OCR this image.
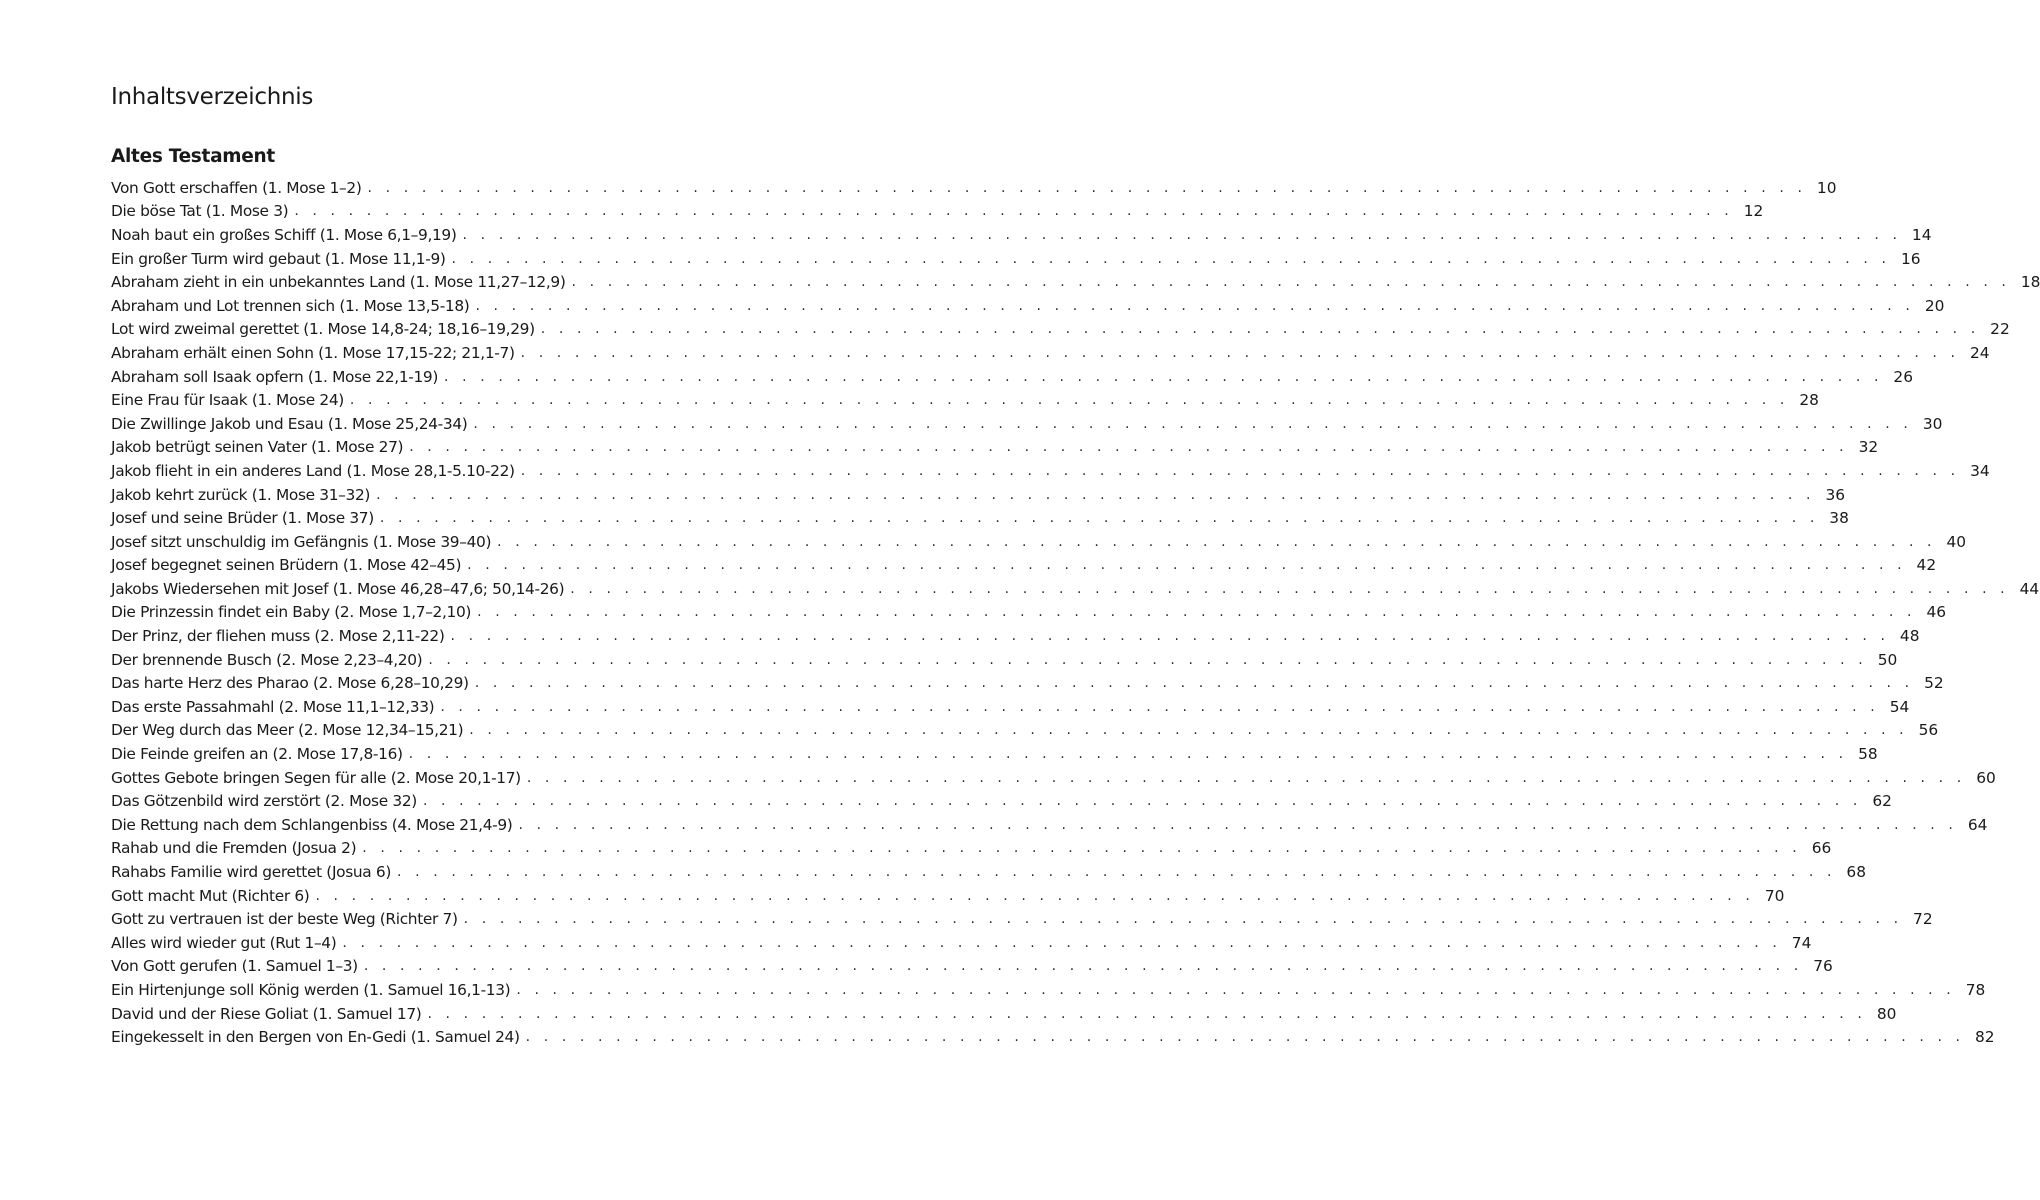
Inhaltsverzeichnis
Altes Testament
Von Gott erschaffen (1. Mose 1–2) . . . . . . . . . . . . . . . . . . . . . . . . . . . . . . . . . . . . . . . . . . . . . . . . . . . . . . . . . . . . . . . . . . . . . . . . . . . . . . . . 10
Die böse Tat (1. Mose 3) . . . . . . . . . . . . . . . . . . . . . . . . . . . . . . . . . . . . . . . . . . . . . . . . . . . . . . . . . . . . . . . . . . . . . . . . . . . . . . . . 12
Noah baut ein großes Schiff (1. Mose 6,1–9,19) . . . . . . . . . . . . . . . . . . . . . . . . . . . . . . . . . . . . . . . . . . . . . . . . . . . . . . . . . . . . . . . . . . . . . . . . . . . . . . . . 14
Ein großer Turm wird gebaut (1. Mose 11,1-9) . . . . . . . . . . . . . . . . . . . . . . . . . . . . . . . . . . . . . . . . . . . . . . . . . . . . . . . . . . . . . . . . . . . . . . . . . . . . . . . . 16
Abraham zieht in ein unbekanntes Land (1. Mose 11,27–12,9) . . . . . . . . . . . . . . . . . . . . . . . . . . . . . . . . . . . . . . . . . . . . . . . . . . . . . . . . . . . . . . . . . . . . . . . . . . . . . . . . 18
Abraham und Lot trennen sich (1. Mose 13,5-18) . . . . . . . . . . . . . . . . . . . . . . . . . . . . . . . . . . . . . . . . . . . . . . . . . . . . . . . . . . . . . . . . . . . . . . . . . . . . . . . . 20
Lot wird zweimal gerettet (1. Mose 14,8-24; 18,16–19,29) . . . . . . . . . . . . . . . . . . . . . . . . . . . . . . . . . . . . . . . . . . . . . . . . . . . . . . . . . . . . . . . . . . . . . . . . . . . . . . . . 22
Abraham erhält einen Sohn (1. Mose 17,15-22; 21,1-7) . . . . . . . . . . . . . . . . . . . . . . . . . . . . . . . . . . . . . . . . . . . . . . . . . . . . . . . . . . . . . . . . . . . . . . . . . . . . . . . . 24
Abraham soll Isaak opfern (1. Mose 22,1-19) . . . . . . . . . . . . . . . . . . . . . . . . . . . . . . . . . . . . . . . . . . . . . . . . . . . . . . . . . . . . . . . . . . . . . . . . . . . . . . . . 26
Eine Frau für Isaak (1. Mose 24) . . . . . . . . . . . . . . . . . . . . . . . . . . . . . . . . . . . . . . . . . . . . . . . . . . . . . . . . . . . . . . . . . . . . . . . . . . . . . . . . 28
Die Zwillinge Jakob und Esau (1. Mose 25,24-34) . . . . . . . . . . . . . . . . . . . . . . . . . . . . . . . . . . . . . . . . . . . . . . . . . . . . . . . . . . . . . . . . . . . . . . . . . . . . . . . . 30
Jakob betrügt seinen Vater (1. Mose 27) . . . . . . . . . . . . . . . . . . . . . . . . . . . . . . . . . . . . . . . . . . . . . . . . . . . . . . . . . . . . . . . . . . . . . . . . . . . . . . . . 32
Jakob flieht in ein anderes Land (1. Mose 28,1-5.10-22) . . . . . . . . . . . . . . . . . . . . . . . . . . . . . . . . . . . . . . . . . . . . . . . . . . . . . . . . . . . . . . . . . . . . . . . . . . . . . . . . 34
Jakob kehrt zurück (1. Mose 31–32) . . . . . . . . . . . . . . . . . . . . . . . . . . . . . . . . . . . . . . . . . . . . . . . . . . . . . . . . . . . . . . . . . . . . . . . . . . . . . . . . 36
Josef und seine Brüder (1. Mose 37) . . . . . . . . . . . . . . . . . . . . . . . . . . . . . . . . . . . . . . . . . . . . . . . . . . . . . . . . . . . . . . . . . . . . . . . . . . . . . . . . 38
Josef sitzt unschuldig im Gefängnis (1. Mose 39–40) . . . . . . . . . . . . . . . . . . . . . . . . . . . . . . . . . . . . . . . . . . . . . . . . . . . . . . . . . . . . . . . . . . . . . . . . . . . . . . . . 40
Josef begegnet seinen Brüdern (1. Mose 42–45) . . . . . . . . . . . . . . . . . . . . . . . . . . . . . . . . . . . . . . . . . . . . . . . . . . . . . . . . . . . . . . . . . . . . . . . . . . . . . . . . 42
Jakobs Wiedersehen mit Josef (1. Mose 46,28–47,6; 50,14-26) . . . . . . . . . . . . . . . . . . . . . . . . . . . . . . . . . . . . . . . . . . . . . . . . . . . . . . . . . . . . . . . . . . . . . . . . . . . . . . . . 44
Die Prinzessin findet ein Baby (2. Mose 1,7–2,10) . . . . . . . . . . . . . . . . . . . . . . . . . . . . . . . . . . . . . . . . . . . . . . . . . . . . . . . . . . . . . . . . . . . . . . . . . . . . . . . . 46
Der Prinz, der fliehen muss (2. Mose 2,11-22) . . . . . . . . . . . . . . . . . . . . . . . . . . . . . . . . . . . . . . . . . . . . . . . . . . . . . . . . . . . . . . . . . . . . . . . . . . . . . . . . 48
Der brennende Busch (2. Mose 2,23–4,20) . . . . . . . . . . . . . . . . . . . . . . . . . . . . . . . . . . . . . . . . . . . . . . . . . . . . . . . . . . . . . . . . . . . . . . . . . . . . . . . . 50
Das harte Herz des Pharao (2. Mose 6,28–10,29) . . . . . . . . . . . . . . . . . . . . . . . . . . . . . . . . . . . . . . . . . . . . . . . . . . . . . . . . . . . . . . . . . . . . . . . . . . . . . . . . 52
Das erste Passahmahl (2. Mose 11,1–12,33) . . . . . . . . . . . . . . . . . . . . . . . . . . . . . . . . . . . . . . . . . . . . . . . . . . . . . . . . . . . . . . . . . . . . . . . . . . . . . . . . 54
Der Weg durch das Meer (2. Mose 12,34–15,21) . . . . . . . . . . . . . . . . . . . . . . . . . . . . . . . . . . . . . . . . . . . . . . . . . . . . . . . . . . . . . . . . . . . . . . . . . . . . . . . . 56
Die Feinde greifen an (2. Mose 17,8-16) . . . . . . . . . . . . . . . . . . . . . . . . . . . . . . . . . . . . . . . . . . . . . . . . . . . . . . . . . . . . . . . . . . . . . . . . . . . . . . . . 58
Gottes Gebote bringen Segen für alle (2. Mose 20,1-17) . . . . . . . . . . . . . . . . . . . . . . . . . . . . . . . . . . . . . . . . . . . . . . . . . . . . . . . . . . . . . . . . . . . . . . . . . . . . . . . . 60
Das Götzenbild wird zerstört (2. Mose 32) . . . . . . . . . . . . . . . . . . . . . . . . . . . . . . . . . . . . . . . . . . . . . . . . . . . . . . . . . . . . . . . . . . . . . . . . . . . . . . . . 62
Die Rettung nach dem Schlangenbiss (4. Mose 21,4-9) . . . . . . . . . . . . . . . . . . . . . . . . . . . . . . . . . . . . . . . . . . . . . . . . . . . . . . . . . . . . . . . . . . . . . . . . . . . . . . . . 64
Rahab und die Fremden (Josua 2) . . . . . . . . . . . . . . . . . . . . . . . . . . . . . . . . . . . . . . . . . . . . . . . . . . . . . . . . . . . . . . . . . . . . . . . . . . . . . . . . 66
Rahabs Familie wird gerettet (Josua 6) . . . . . . . . . . . . . . . . . . . . . . . . . . . . . . . . . . . . . . . . . . . . . . . . . . . . . . . . . . . . . . . . . . . . . . . . . . . . . . . . 68
Gott macht Mut (Richter 6) . . . . . . . . . . . . . . . . . . . . . . . . . . . . . . . . . . . . . . . . . . . . . . . . . . . . . . . . . . . . . . . . . . . . . . . . . . . . . . . . 70
Gott zu vertrauen ist der beste Weg (Richter 7) . . . . . . . . . . . . . . . . . . . . . . . . . . . . . . . . . . . . . . . . . . . . . . . . . . . . . . . . . . . . . . . . . . . . . . . . . . . . . . . . 72
Alles wird wieder gut (Rut 1–4) . . . . . . . . . . . . . . . . . . . . . . . . . . . . . . . . . . . . . . . . . . . . . . . . . . . . . . . . . . . . . . . . . . . . . . . . . . . . . . . . 74
Von Gott gerufen (1. Samuel 1–3) . . . . . . . . . . . . . . . . . . . . . . . . . . . . . . . . . . . . . . . . . . . . . . . . . . . . . . . . . . . . . . . . . . . . . . . . . . . . . . . . 76
Ein Hirtenjunge soll König werden (1. Samuel 16,1-13) . . . . . . . . . . . . . . . . . . . . . . . . . . . . . . . . . . . . . . . . . . . . . . . . . . . . . . . . . . . . . . . . . . . . . . . . . . . . . . . . 78
David und der Riese Goliat (1. Samuel 17) . . . . . . . . . . . . . . . . . . . . . . . . . . . . . . . . . . . . . . . . . . . . . . . . . . . . . . . . . . . . . . . . . . . . . . . . . . . . . . . . 80
Eingekesselt in den Bergen von En-Gedi (1. Samuel 24) . . . . . . . . . . . . . . . . . . . . . . . . . . . . . . . . . . . . . . . . . . . . . . . . . . . . . . . . . . . . . . . . . . . . . . . . . . . . . . . . 82
